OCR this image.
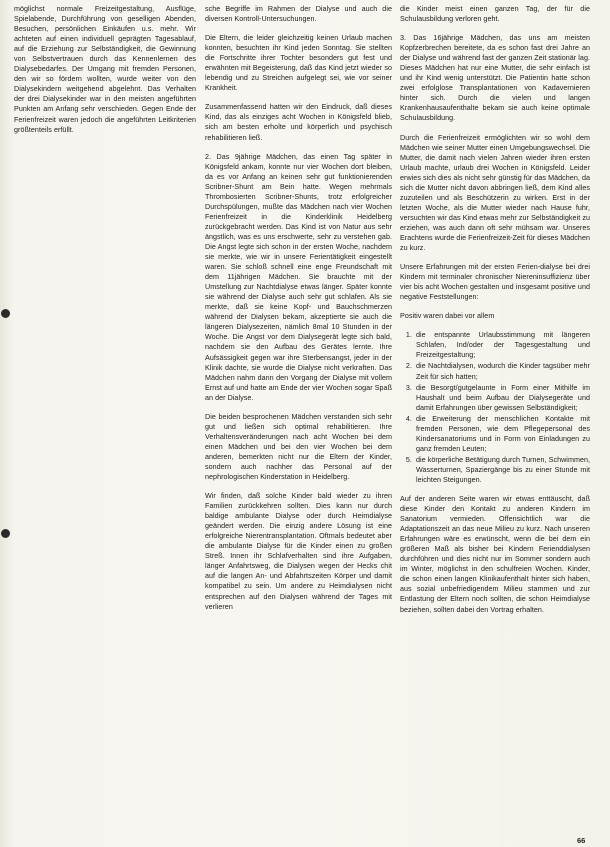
möglichst normale Freizeitgestaltung, Ausflüge, Spielabende, Durchführung von geselligen Abenden, Besuchen, persönlichen Einkäufen u.s. mehr. Wir achteten auf einen individuell geprägten Tagesablauf, auf die Erziehung zur Selbständigkeit, die Gewinnung von Selbstvertrauen durch das Kennenlernen des Dialysebedarfes. Der Umgang mit fremden Personen, den wir so fördern wollten, wurde weiter von den Dialysekindern weitgehend abgelehnt. Das Verhalten der drei Dialysekinder war in den meisten angeführten Punkten am Anfang sehr verschieden. Gegen Ende der Ferienfreizeit waren jedoch die angeführten Leitkriterien größtenteils erfüllt.

sche Begriffe im Rahmen der Dialyse und auch die diversen Kontroll-Untersuchungen.

Die Eltern, die leider gleichzeitig keinen Urlaub machen konnten, besuchten ihr Kind jeden Sonntag. Sie stellten die Fortschritte ihrer Tochter besonders gut fest und erwähnten mit Begeisterung, daß das Kind jetzt wieder so lebendig und zu Streichen aufgelegt sei, wie vor seiner Krankheit.

Zusammenfassend hatten wir den Eindruck, daß dieses Kind, das als einziges acht Wochen in Königsfeld blieb, sich am besten erholte und körperlich und psychisch rehabilitieren ließ.

2. Das 9jährige Mädchen, das einen Tag später in Königsfeld ankam, konnte nur vier Wochen dort bleiben, da es vor Anfang an keinen sehr gut funktionierenden Scribner-Shunt am Bein hatte. Wegen mehrmals Thrombosierten Scribner-Shunts, trotz erfolgreicher Durchspülungen, mußte das Mädchen nach vier Wochen Ferienfreizeit in die Kinderklinik Heidelberg zurückgebracht werden. Das Kind ist von Natur aus sehr ängstlich, was es uns erschwerte, sehr zu verstehen gab. Die Angst legte sich schon in der ersten Woche, nachdem sie merkte, wie wir in unsere Ferientätigkeit eingestellt waren. Sie schloß schnell eine enge Freundschaft mit dem 11jährigen Mädchen. Sie brauchte mit der Umstellung zur Nachtdialyse etwas länger. Später konnte sie während der Dialyse auch sehr gut schlafen. Als sie merkte, daß sie keine Kopf- und Bauchschmerzen während der Dialysen bekam, akzeptierte sie auch die längeren Dialysezeiten, nämlich 8mal 10 Stunden in der Woche. Die Angst vor dem Dialysegerät legte sich bald, nachdem sie den Aufbau des Gerätes lernte. Ihre Aufsässigkeit gegen war ihre Sterbensangst, jeder in der Klinik dachte, sie wurde die Dialyse nicht verkraften. Das Mädchen nahm dann den Vorgang der Dialyse mit vollem Ernst auf und hatte am Ende der vier Wochen sogar Spaß an der Dialyse.

Die beiden besprochenen Mädchen verstanden sich sehr gut und ließen sich optimal rehabilitieren. Ihre Verhaltensveränderungen nach acht Wochen bei dem einen Mädchen und bei den vier Wochen bei dem anderen, bemerkten nicht nur die Eltern der Kinder, sondern auch nachher das Personal auf der nephrologischen Kinderstation in Heidelberg.

Wir finden, daß solche Kinder bald wieder zu ihren Familien zurückkehren sollten. Dies kann nur durch baldige ambulante Dialyse oder durch Heimdialyse geändert werden. Die einzig andere Lösung ist eine erfolgreiche Nierentransplantation. Oftmals bedeutet aber die ambulante Dialyse für die Kinder einen zu großen Streß. Innen ihr Schlafverhalten sind ihre Aufgaben, länger Anfahrtsweg, die Dialysen wegen der Hecks chit auf die langen An- und Abfahrtszeiten Körper und damit kompatibel zu sein. Um andere zu Heimdialysen nicht entsprechen auf den Dialysen während der Tages mit verlieren

die Kinder meist einen ganzen Tag, der für die Schulausbildung verloren geht.

3. Das 16jährige Mädchen, das uns am meisten Kopfzerbrechen bereitete, da es schon fast drei Jahre an der Dialyse und während fast der ganzen Zeit stationär lag. Dieses Mädchen hat nur eine Mutter, die sehr einfach ist und ihr Kind wenig unterstützt. Die Patientin hatte schon zwei erfolglose Transplantationen von Kadavernieren hinter sich. Durch die vielen und langen Krankenhausaufenthalte bekam sie auch keine optimale Schulausbildung.

Durch die Ferienfreizeit ermöglichten wir so wohl dem Mädchen wie seiner Mutter einen Umgebungswechsel. Die Mutter, die damit nach vielen Jahren wieder ihren ersten Urlaub machte, urlaub drei Wochen in Königsfeld. Leider erwies sich dies als nicht sehr günstig für das Mädchen, da sich die Mutter nicht davon abbringen ließ, dem Kind alles zuzuteilen und als Beschützerin zu wirken. Erst in der letzten Woche, als die Mutter wieder nach Hause fuhr, versuchten wir das Kind etwas mehr zur Selbständigkeit zu erziehen, was auch dann oft sehr mühsam war. Unseres Erachtens wurde die Ferienfreizeit-Zeit für dieses Mädchen zu kurz.

Unsere Erfahrungen mit der ersten Ferien-dialyse bei drei Kindern mit terminaler chronischer Niereninsuffizienz über vier bis acht Wochen gestalten und insgesamt positive und negative Feststellungen:

Positiv waren dabei vor allem

1. die entspannte Urlaubsstimmung mit längeren Schlafen, Ind/oder der Tagesgestaltung und Freizeitgestaltung;
2. die Nachtdialysen, wodurch die Kinder tagsüber mehr Zeit für sich hatten;
3. die Besorgt/gutgelaunte in Form einer Mithilfe im Haushalt und beim Aufbau der Dialysegeräte und damit Erfahrungen über gewissen Selbständigkeit;
4. die Erweiterung der menschlichen Kontakte mit fremden Personen, wie dem Pflegepersonal des Kindersanatoriums und in Form von Einladungen zu ganz fremden Leuten;
5. die körperliche Betätigung durch Turnen, Schwimmen, Wasserturnen, Spaziergänge bis zu einer Stunde mit leichten Steigungen.

Auf der anderen Seite waren wir etwas enttäuscht, daß diese Kinder den Kontakt zu anderen Kindern im Sanatorium vermieden. Offensichtlich war die Adaptationszeit an das neue Milieu zu kurz. Nach unseren Erfahrungen wäre es erwünscht, wenn die bei dem ein größeren Maß als bisher bei Kindern Ferienddialysen durchführen und dies nicht nur im Sommer sondern auch im Winter, möglichst in den schulfreien Wochen. Kinder, die schon einen langen Klinikaufenthalt hinter sich haben, aus sozial unbefriedigendem Milieu stammen und zur Entlastung der Eltern noch sollten, die schon Heimdialyse beziehen, sollten dabei den Vortrag erhalten.

66
